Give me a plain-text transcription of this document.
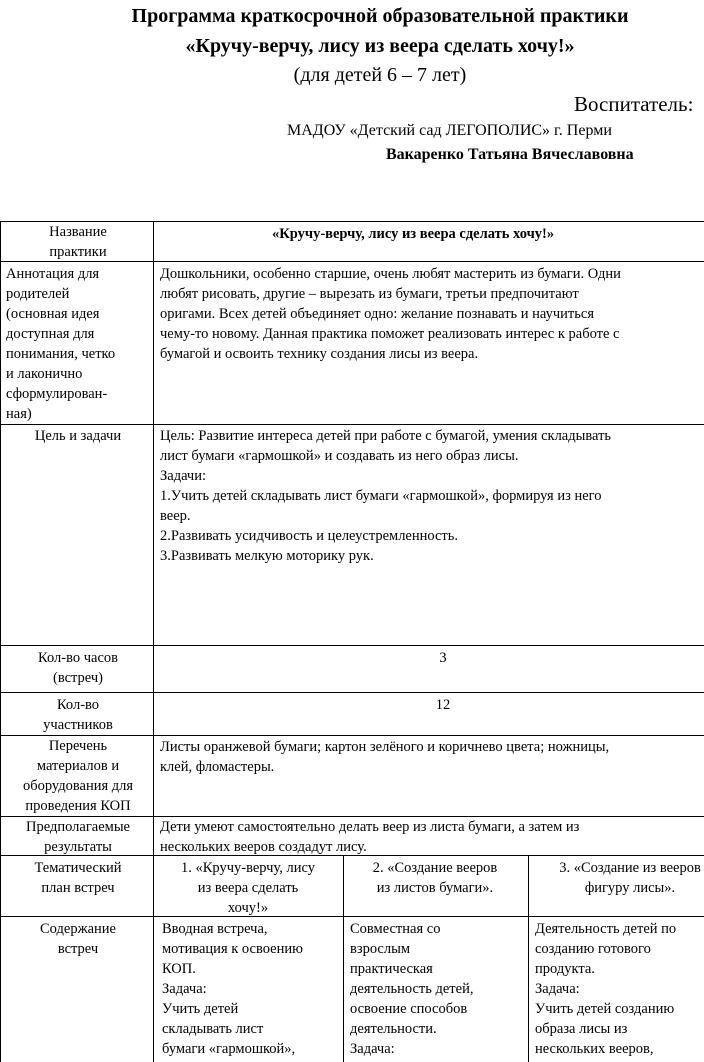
Программа краткосрочной образовательной практики
«Кручу-верчу, лису из веера сделать хочу!»
(для детей 6 – 7 лет)
Воспитатель:
МАДОУ «Детский сад ЛЕГОПОЛИС» г. Перми
Вакаренко Татьяна Вячеславовна
Название
практики
«Кручу-верчу, лису из веера сделать хочу!»
Аннотация для
родителей
(основная идея
доступная для
понимания, четко
и лаконично
сформулирован-
ная)
Дошкольники, особенно старшие, очень любят мастерить из бумаги. Одни
любят рисовать, другие – вырезать из бумаги, третьи предпочитают
оригами. Всех детей объединяет одно: желание познавать и научиться
чему-то новому. Данная практика поможет реализовать интерес к работе с
бумагой и освоить технику создания лисы из веера.
Цель и задачи	Цель: Развитие интереса детей при работе с бумагой, умения складывать
лист бумаги «гармошкой» и создавать из него образ лисы.
Задачи:
1.Учить детей складывать лист бумаги «гармошкой», формируя из него
веер.
2.Развивать усидчивость и целеустремленность.
3.Развивать мелкую моторику рук.
Кол-во часов
(встреч)
3
Кол-во
участников
12
Перечень
материалов и
оборудования для
проведения КОП
Листы оранжевой бумаги; картон зелёного и коричнево цвета; ножницы,
клей, фломастеры.
Предполагаемые
результаты
Дети умеют самостоятельно делать веер из листа бумаги, а затем из
нескольких вееров создадут лису.
Тематический
план встреч
1. «Кручу-верчу, лису
из веера сделать
хочу!»
2. «Создание вееров
из листов бумаги».
3. «Создание из вееров
фигуру лисы».
Содержание
встреч
Вводная встреча,
мотивация к освоению
КОП.
Задача:
Учить детей
складывать лист
бумаги «гармошкой»,
Совместная со
взрослым
практическая
деятельность детей,
освоение способов
деятельности.
Задача:
Деятельность детей по
созданию готового
продукта.
Задача:
Учить детей созданию
образа лисы из
нескольких вееров,
